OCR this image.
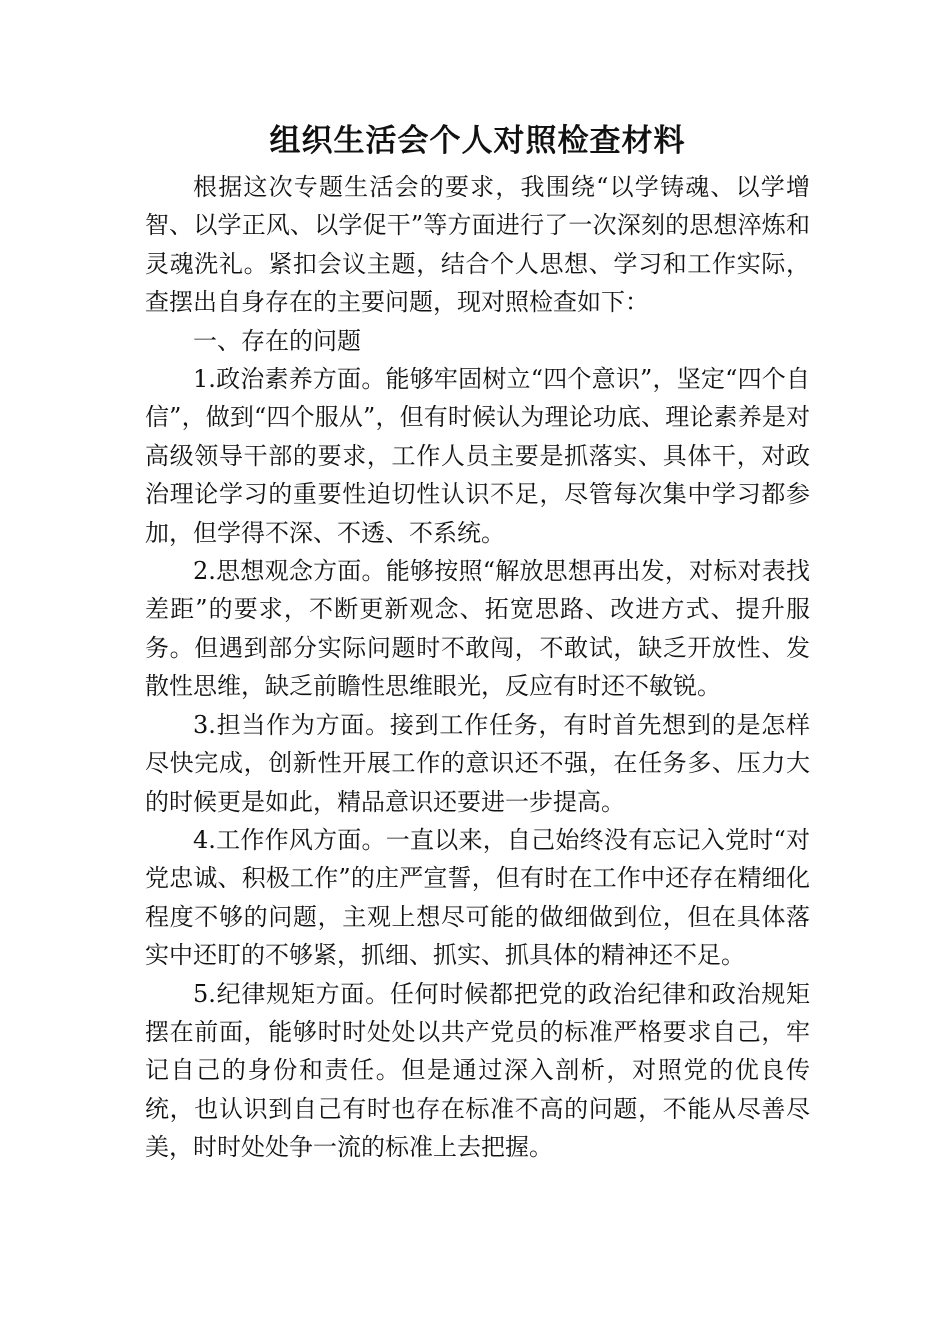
组织生活会个人对照检查材料

根据这次专题生活会的要求，我围绕“以学铸魂、以学增智、以学正风、以学促干”等方面进行了一次深刻的思想淬炼和灵魂洗礼。紧扣会议主题，结合个人思想、学习和工作实际，查摆出自身存在的主要问题，现对照检查如下：

一、存在的问题

1.政治素养方面。能够牢固树立“四个意识”，坚定“四个自信”，做到“四个服从”，但有时候认为理论功底、理论素养是对高级领导干部的要求，工作人员主要是抓落实、具体干，对政治理论学习的重要性迫切性认识不足，尽管每次集中学习都参加，但学得不深、不透、不系统。

2.思想观念方面。能够按照“解放思想再出发，对标对表找差距”的要求，不断更新观念、拓宽思路、改进方式、提升服务。但遇到部分实际问题时不敢闯，不敢试，缺乏开放性、发散性思维，缺乏前瞻性思维眼光，反应有时还不敏锐。

3.担当作为方面。接到工作任务，有时首先想到的是怎样尽快完成，创新性开展工作的意识还不强，在任务多、压力大的时候更是如此，精品意识还要进一步提高。

4.工作作风方面。一直以来，自己始终没有忘记入党时“对党忠诚、积极工作”的庄严宣誓，但有时在工作中还存在精细化程度不够的问题，主观上想尽可能的做细做到位，但在具体落实中还盯的不够紧，抓细、抓实、抓具体的精神还不足。

5.纪律规矩方面。任何时候都把党的政治纪律和政治规矩摆在前面，能够时时处处以共产党员的标准严格要求自己，牢记自己的身份和责任。但是通过深入剖析，对照党的优良传统，也认识到自己有时也存在标准不高的问题，不能从尽善尽美，时时处处争一流的标准上去把握。
